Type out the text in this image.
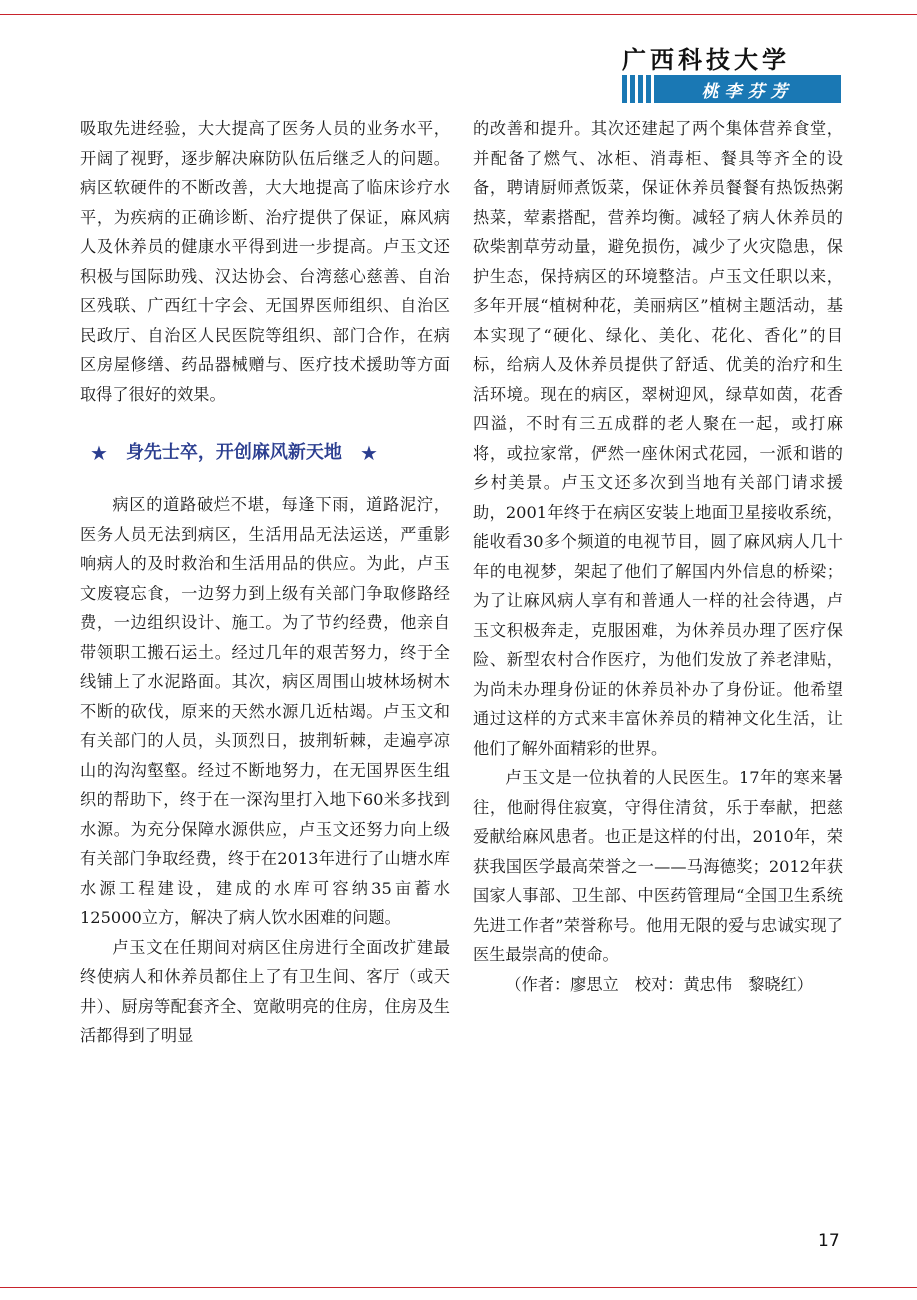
广西科技大学
桃李芬芳

吸取先进经验，大大提高了医务人员的业务水平，开阔了视野，逐步解决麻防队伍后继乏人的问题。病区软硬件的不断改善，大大地提高了临床诊疗水平，为疾病的正确诊断、治疗提供了保证，麻风病人及休养员的健康水平得到进一步提高。卢玉文还积极与国际助残、汉达协会、台湾慈心慈善、自治区残联、广西红十字会、无国界医师组织、自治区民政厅、自治区人民医院等组织、部门合作，在病区房屋修缮、药品器械赠与、医疗技术援助等方面取得了很好的效果。

★ 身先士卒，开创麻风新天地 ★

病区的道路破烂不堪，每逢下雨，道路泥泞，医务人员无法到病区，生活用品无法运送，严重影响病人的及时救治和生活用品的供应。为此，卢玉文废寝忘食，一边努力到上级有关部门争取修路经费，一边组织设计、施工。为了节约经费，他亲自带领职工搬石运土。经过几年的艰苦努力，终于全线铺上了水泥路面。其次，病区周围山坡林场树木不断的砍伐，原来的天然水源几近枯竭。卢玉文和有关部门的人员，头顶烈日，披荆斩棘，走遍亭凉山的沟沟壑壑。经过不断地努力，在无国界医生组织的帮助下，终于在一深沟里打入地下60米多找到水源。为充分保障水源供应，卢玉文还努力向上级有关部门争取经费，终于在2013年进行了山塘水库水源工程建设，建成的水库可容纳35亩蓄水125000立方，解决了病人饮水困难的问题。

卢玉文在任期间对病区住房进行全面改扩建最终使病人和休养员都住上了有卫生间、客厅（或天井）、厨房等配套齐全、宽敞明亮的住房，住房及生活都得到了明显

的改善和提升。其次还建起了两个集体营养食堂，并配备了燃气、冰柜、消毒柜、餐具等齐全的设备，聘请厨师煮饭菜，保证休养员餐餐有热饭热粥热菜，荤素搭配，营养均衡。减轻了病人休养员的砍柴割草劳动量，避免损伤，减少了火灾隐患，保护生态，保持病区的环境整洁。卢玉文任职以来，多年开展“植树种花，美丽病区”植树主题活动，基本实现了“硬化、绿化、美化、花化、香化”的目标，给病人及休养员提供了舒适、优美的治疗和生活环境。现在的病区，翠树迎风，绿草如茵，花香四溢，不时有三五成群的老人聚在一起，或打麻将，或拉家常，俨然一座休闲式花园，一派和谐的乡村美景。卢玉文还多次到当地有关部门请求援助，2001年终于在病区安装上地面卫星接收系统，能收看30多个频道的电视节目，圆了麻风病人几十年的电视梦，架起了他们了解国内外信息的桥梁；为了让麻风病人享有和普通人一样的社会待遇，卢玉文积极奔走，克服困难，为休养员办理了医疗保险、新型农村合作医疗，为他们发放了养老津贴，为尚未办理身份证的休养员补办了身份证。他希望通过这样的方式来丰富休养员的精神文化生活，让他们了解外面精彩的世界。

卢玉文是一位执着的人民医生。17年的寒来暑往，他耐得住寂寞，守得住清贫，乐于奉献，把慈爱献给麻风患者。也正是这样的付出，2010年，荣获我国医学最高荣誉之一——马海德奖；2012年获国家人事部、卫生部、中医药管理局“全国卫生系统先进工作者”荣誉称号。他用无限的爱与忠诚实现了医生最崇高的使命。

（作者：廖思立　校对：黄忠伟　黎晓红）

17
